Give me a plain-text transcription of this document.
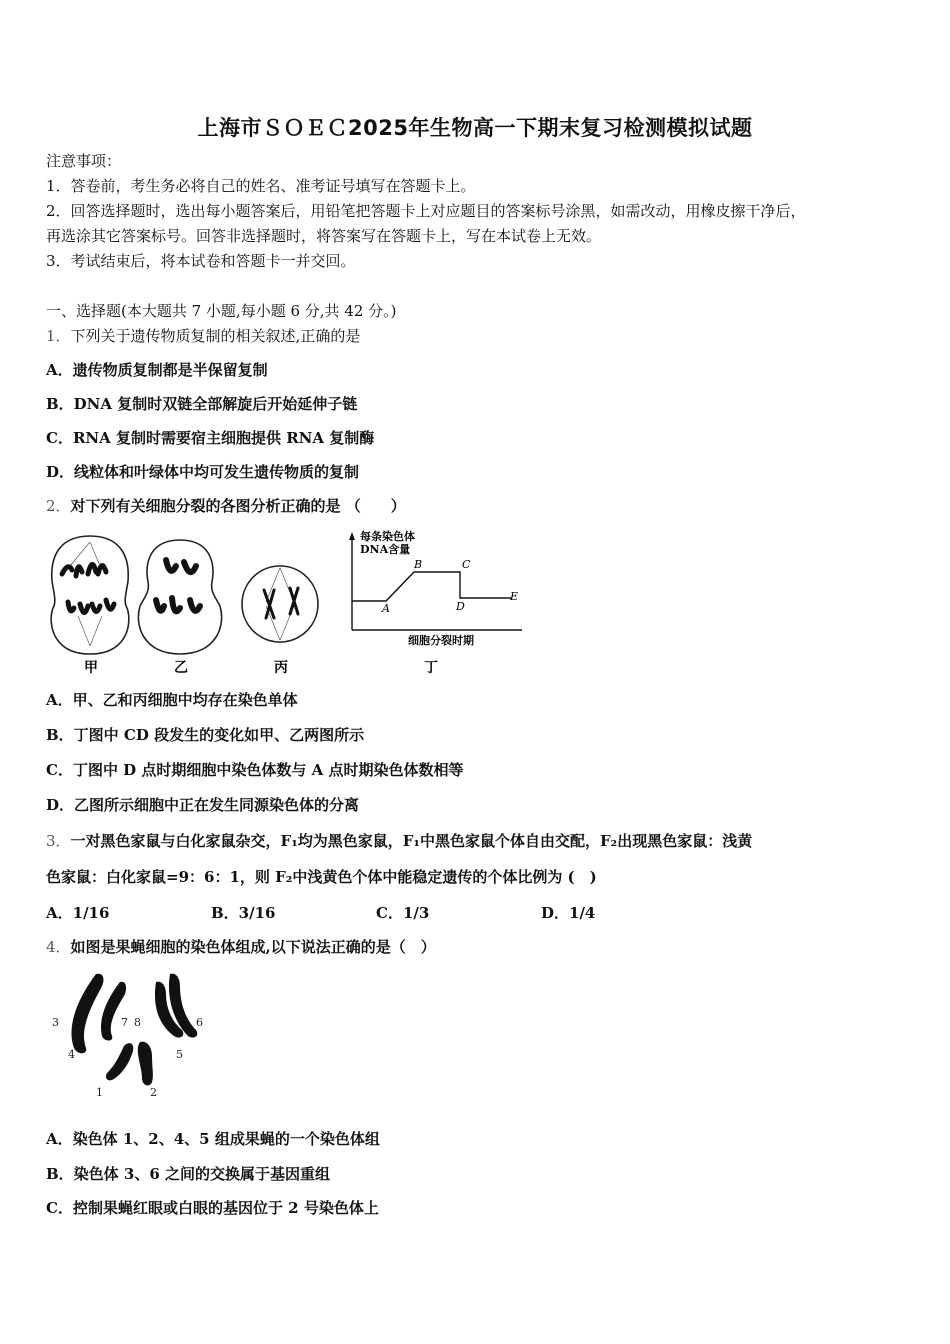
上海市ＳＯＥＣ2025年生物高一下期末复习检测模拟试题
注意事项：
1．答卷前，考生务必将自己的姓名、准考证号填写在答题卡上。
2．回答选择题时，选出每小题答案后，用铅笔把答题卡上对应题目的答案标号涂黑，如需改动，用橡皮擦干净后，
再选涂其它答案标号。回答非选择题时，将答案写在答题卡上，写在本试卷上无效。
3．考试结束后，将本试卷和答题卡一并交回。
一、选择题(本大题共 7 小题,每小题 6 分,共 42 分。)
1．下列关于遗传物质复制的相关叙述,正确的是
A．遗传物质复制都是半保留复制
B．DNA 复制时双链全部解旋后开始延伸子链
C．RNA 复制时需要宿主细胞提供 RNA 复制酶
D．线粒体和叶绿体中均可发生遗传物质的复制
2．对下列有关细胞分裂的各图分析正确的是 （　　）
甲	乙	丙
每条染色体
DNA含量
A
B	C
D
E
细胞分裂时期
丁
A．甲、乙和丙细胞中均存在染色单体
B．丁图中 CD 段发生的变化如甲、乙两图所示
C．丁图中 D 点时期细胞中染色体数与 A 点时期染色体数相等
D．乙图所示细胞中正在发生同源染色体的分离
3．一对黑色家鼠与白化家鼠杂交，F₁均为黑色家鼠，F₁中黑色家鼠个体自由交配，F₂出现黑色家鼠：浅黄
色家鼠：白化家鼠=9：6：1，则 F₂中浅黄色个体中能稳定遗传的个体比例为 (　)
A．1/16	B．3/16	C．1/3	D．1/4
4．如图是果蝇细胞的染色体组成,以下说法正确的是（　）
1	2
3
4	5
6
7 8
A．染色体 1、2、4、5 组成果蝇的一个染色体组
B．染色体 3、6 之间的交换属于基因重组
C．控制果蝇红眼或白眼的基因位于 2 号染色体上
